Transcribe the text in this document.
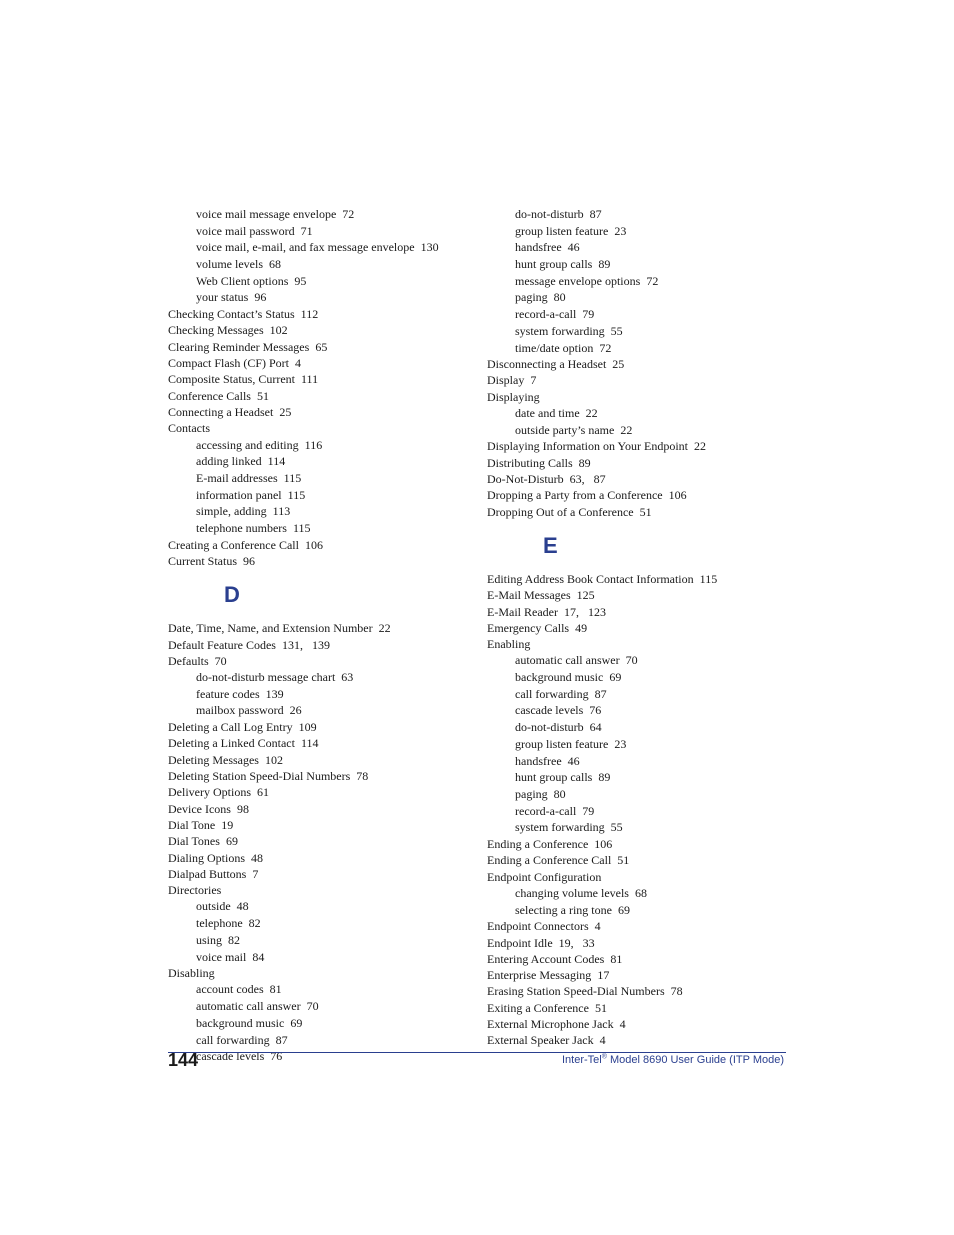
voice mail message envelope 72
voice mail password 71
voice mail, e-mail, and fax message envelope 130
volume levels 68
Web Client options 95
your status 96
Checking Contact’s Status 112
Checking Messages 102
Clearing Reminder Messages 65
Compact Flash (CF) Port 4
Composite Status, Current 111
Conference Calls 51
Connecting a Headset 25
Contacts
accessing and editing 116
adding linked 114
E-mail addresses 115
information panel 115
simple, adding 113
telephone numbers 115
Creating a Conference Call 106
Current Status 96
D
Date, Time, Name, and Extension Number 22
Default Feature Codes 131,   139
Defaults 70
do-not-disturb message chart 63
feature codes 139
mailbox password 26
Deleting a Call Log Entry 109
Deleting a Linked Contact 114
Deleting Messages 102
Deleting Station Speed-Dial Numbers 78
Delivery Options 61
Device Icons 98
Dial Tone 19
Dial Tones 69
Dialing Options 48
Dialpad Buttons 7
Directories
outside 48
telephone 82
using 82
voice mail 84
Disabling
account codes 81
automatic call answer 70
background music 69
call forwarding 87
cascade levels 76
do-not-disturb 87
group listen feature 23
handsfree 46
hunt group calls 89
message envelope options 72
paging 80
record-a-call 79
system forwarding 55
time/date option 72
Disconnecting a Headset 25
Display 7
Displaying
date and time 22
outside party’s name 22
Displaying Information on Your Endpoint 22
Distributing Calls 89
Do-Not-Disturb 63,   87
Dropping a Party from a Conference 106
Dropping Out of a Conference 51
E
Editing Address Book Contact Information 115
E-Mail Messages 125
E-Mail Reader 17,   123
Emergency Calls 49
Enabling
automatic call answer 70
background music 69
call forwarding 87
cascade levels 76
do-not-disturb 64
group listen feature 23
handsfree 46
hunt group calls 89
paging 80
record-a-call 79
system forwarding 55
Ending a Conference 106
Ending a Conference Call 51
Endpoint Configuration
changing volume levels 68
selecting a ring tone 69
Endpoint Connectors 4
Endpoint Idle 19,   33
Entering Account Codes 81
Enterprise Messaging 17
Erasing Station Speed-Dial Numbers 78
Exiting a Conference 51
External Microphone Jack 4
External Speaker Jack 4
144	Inter-Tel® Model 8690 User Guide (ITP Mode)
